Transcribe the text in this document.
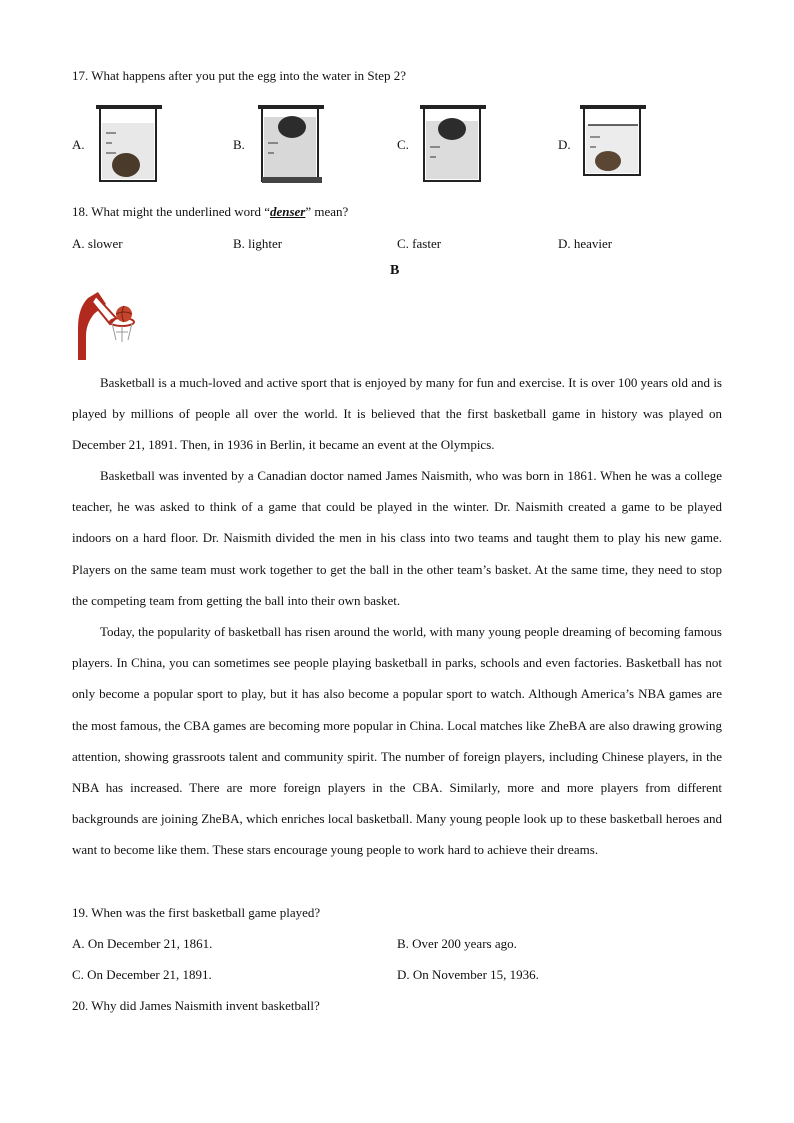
17. What happens after you put the egg into the water in Step 2?
A.	B.	C.	D.
18. What might the underlined word “denser” mean?
A. slower	B. lighter	C. faster	D. heavier
B
Basketball is a much-loved and active sport that is enjoyed by many for fun and exercise. It is over 100 years old and is played by millions of people all over the world. It is believed that the first basketball game in history was played on December 21, 1891. Then, in 1936 in Berlin, it became an event at the Olympics.
Basketball was invented by a Canadian doctor named James Naismith, who was born in 1861. When he was a college teacher, he was asked to think of a game that could be played in the winter. Dr. Naismith created a game to be played indoors on a hard floor. Dr. Naismith divided the men in his class into two teams and taught them to play his new game. Players on the same team must work together to get the ball in the other team’s basket. At the same time, they need to stop the competing team from getting the ball into their own basket.
Today, the popularity of basketball has risen around the world, with many young people dreaming of becoming famous players. In China, you can sometimes see people playing basketball in parks, schools and even factories. Basketball has not only become a popular sport to play, but it has also become a popular sport to watch. Although America’s NBA games are the most famous, the CBA games are becoming more popular in China. Local matches like ZheBA are also drawing growing attention, showing grassroots talent and community spirit. The number of foreign players, including Chinese players, in the NBA has increased. There are more foreign players in the CBA. Similarly, more and more players from different backgrounds are joining ZheBA, which enriches local basketball. Many young people look up to these basketball heroes and want to become like them. These stars encourage young people to work hard to achieve their dreams.
19. When was the first basketball game played?
A. On December 21, 1861.	B. Over 200 years ago.
C. On December 21, 1891.	D. On November 15, 1936.
20. Why did James Naismith invent basketball?
